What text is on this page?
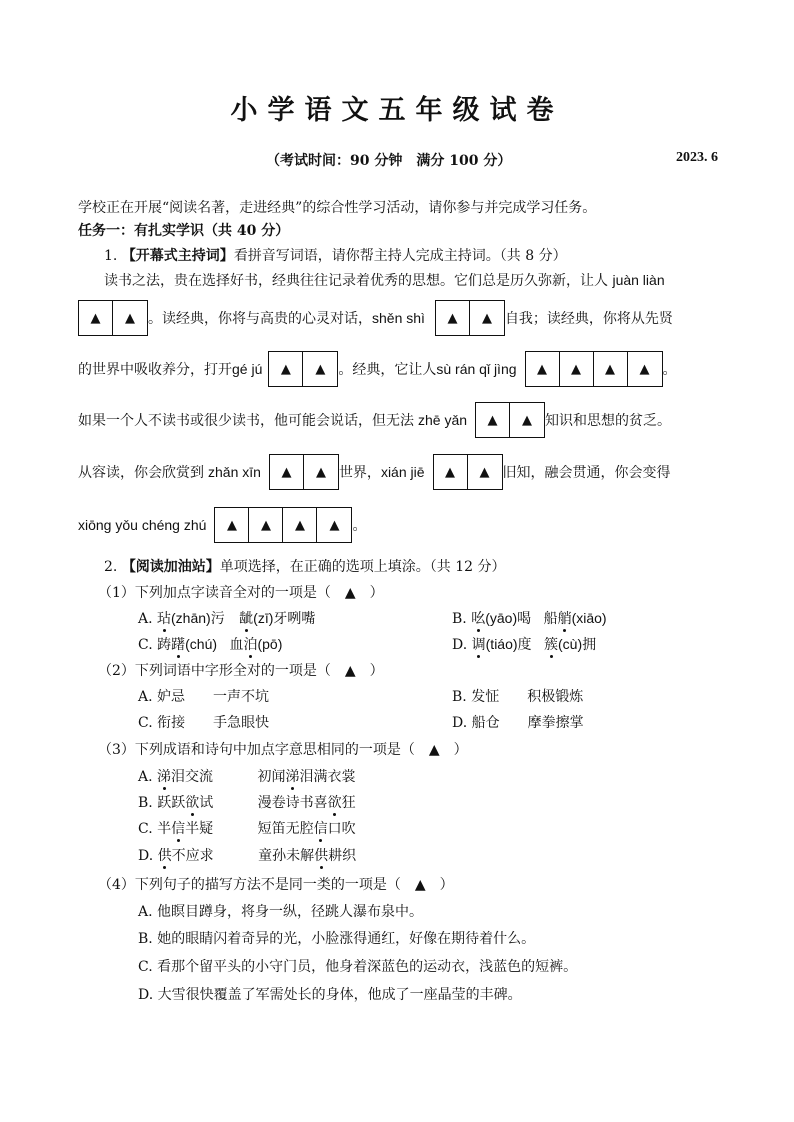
小学语文五年级试卷
（考试时间：90 分钟　满分 100 分）	2023. 6
学校正在开展“阅读名著，走进经典”的综合性学习活动，请你参与并完成学习任务。
任务一：有扎实学识（共 40 分）
1. 【开幕式主持词】看拼音写词语，请你帮主持人完成主持词。（共 8 分）
读书之法，贵在选择好书，经典往往记录着优秀的思想。它们总是历久弥新，让人 juàn liàn
▲	▲ 。读经典，你将与高贵的心灵对话， shěn shì	▲	▲ 自我；读经典，你将从先贤
的世界中吸收养分，打开 gé jú	▲	▲ 。经典，它让人 sù rán qǐ jìng	▲	▲	▲	▲ 。
如果一个人不读书或很少读书，他可能会说话，但无法 zhē yǎn	▲	▲ 知识和思想的贫乏。
从容读，你会欣赏到 zhǎn xīn	▲	▲ 世界， xián jiē	▲	▲ 旧知，融会贯通，你会变得
xiōng yǒu chéng zhú	▲	▲	▲	▲ 。
2. 【阅读加油站】单项选择，在正确的选项上填涂。（共 12 分）
（1）下列加点字读音全对的一项是（　▲　）
A. 玷(zhān)污 龇(zī)牙咧嘴	B. 吆(yāo)喝 船艄(xiāo)
C. 踌躇(chú) 血泊(pō)	D. 调(tiáo)度 簇(cù)拥
（2）下列词语中字形全对的一项是（　▲　）
A. 妒忌　　一声不坑	B. 发怔　　积极锻炼
C. 衔接　　手急眼快	D. 船仓　　摩拳擦掌
（3）下列成语和诗句中加点字意思相同的一项是（　▲　）
A. 涕泪交流	初闻涕泪满衣裳
B. 跃跃欲试	漫卷诗书喜欲狂
C. 半信半疑	短笛无腔信口吹
D. 供不应求	童孙未解供耕织
（4）下列句子的描写方法不是同一类的一项是（　▲　）
A. 他瞑目蹲身，将身一纵，径跳人瀑布泉中。
B. 她的眼睛闪着奇异的光，小脸涨得通红，好像在期待着什么。
C. 看那个留平头的小守门员，他身着深蓝色的运动衣，浅蓝色的短裤。
D. 大雪很快覆盖了军需处长的身体，他成了一座晶莹的丰碑。
